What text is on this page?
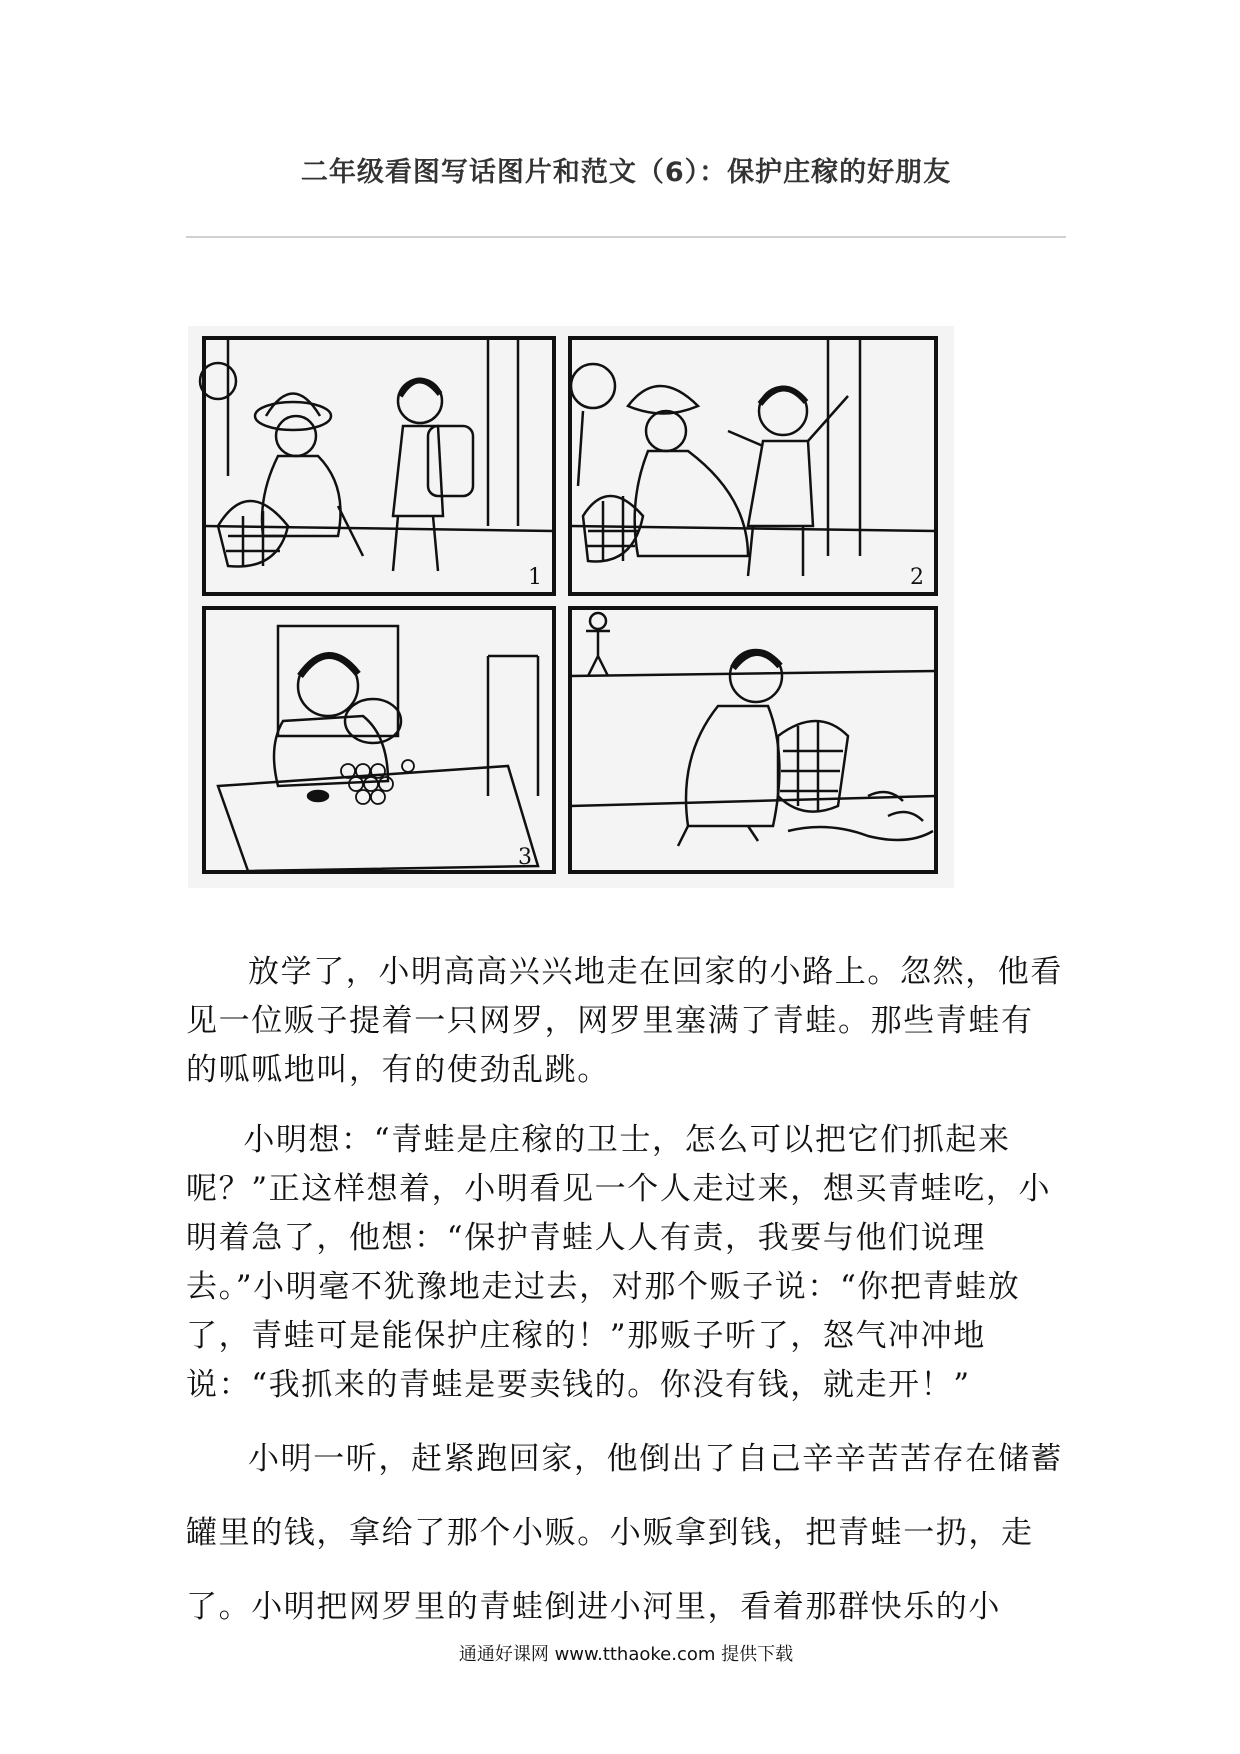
二年级看图写话图片和范文（6）：保护庄稼的好朋友
1	2
3
放学了，小明高高兴兴地走在回家的小路上。忽然，他看见一位贩子提着一只网罗，网罗里塞满了青蛙。那些青蛙有的呱呱地叫，有的使劲乱跳。
小明想：“青蛙是庄稼的卫士，怎么可以把它们抓起来呢？”正这样想着，小明看见一个人走过来，想买青蛙吃，小明着急了，他想：“保护青蛙人人有责，我要与他们说理去。”小明毫不犹豫地走过去，对那个贩子说：“你把青蛙放了，青蛙可是能保护庄稼的！”那贩子听了，怒气冲冲地说：“我抓来的青蛙是要卖钱的。你没有钱，就走开！”
小明一听，赶紧跑回家，他倒出了自己辛辛苦苦存在储蓄罐里的钱，拿给了那个小贩。小贩拿到钱，把青蛙一扔，走了。小明把网罗里的青蛙倒进小河里，看着那群快乐的小
通通好课网 www.tthaoke.com 提供下载
